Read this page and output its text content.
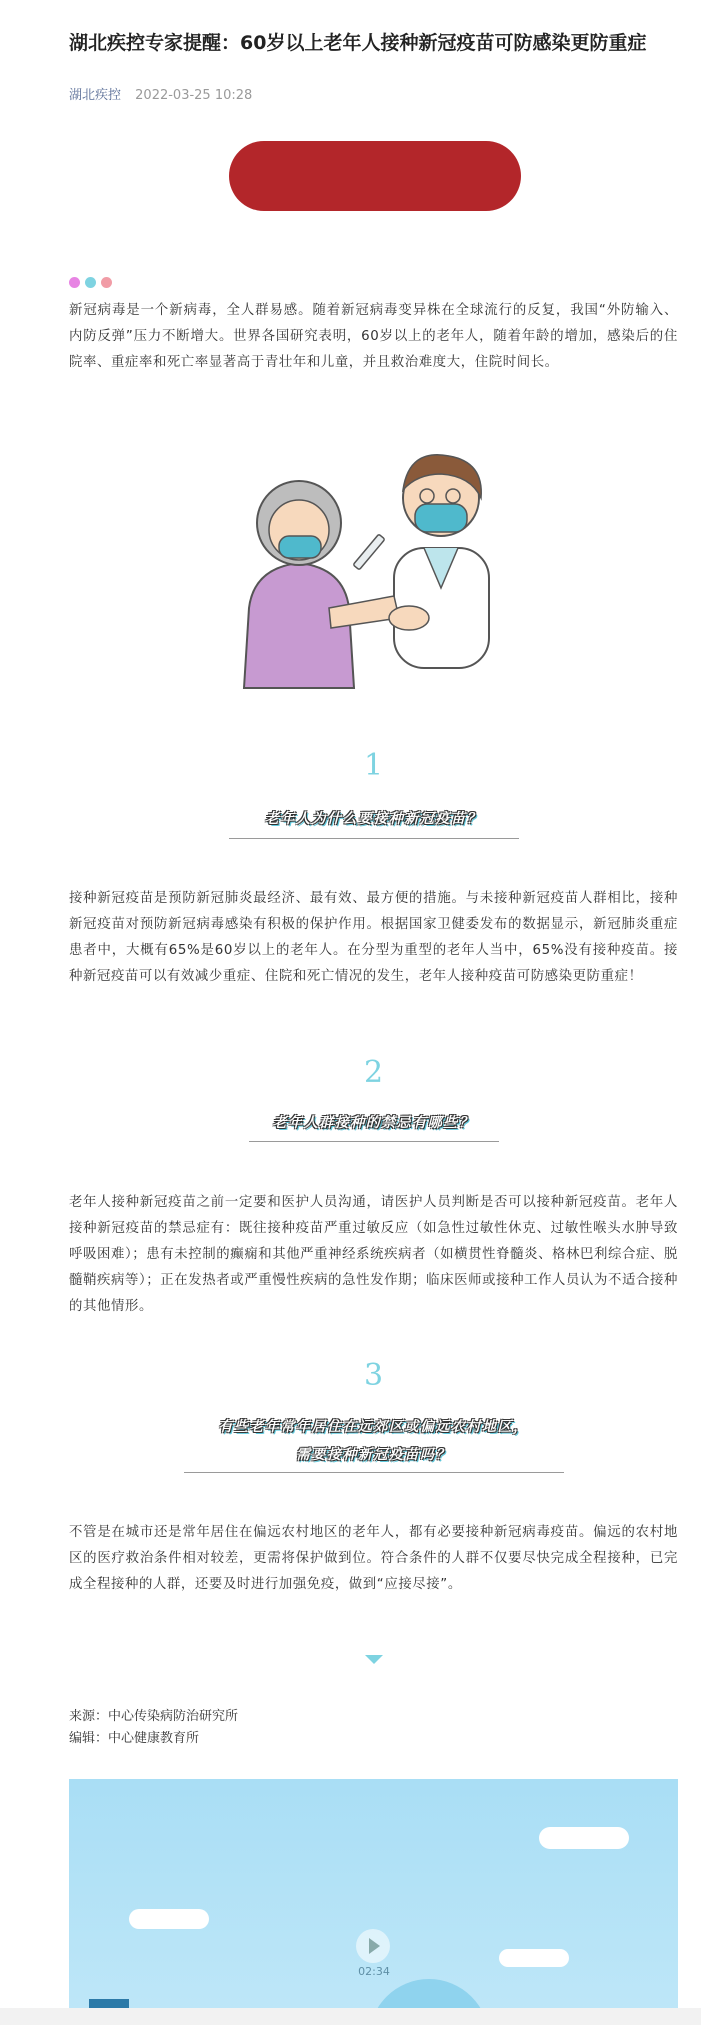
湖北疾控专家提醒：60岁以上老年人接种新冠疫苗可防感染更防重症
湖北疾控 2022-03-25 10:28

新冠病毒是一个新病毒，全人群易感。随着新冠病毒变异株在全球流行的反复，我国“外防输入、内防反弹”压力不断增大。世界各国研究表明，60岁以上的老年人，随着年龄的增加，感染后的住院率、重症率和死亡率显著高于青壮年和儿童，并且救治难度大，住院时间长。

1
老年人为什么要接种新冠疫苗？

接种新冠疫苗是预防新冠肺炎最经济、最有效、最方便的措施。与未接种新冠疫苗人群相比，接种新冠疫苗对预防新冠病毒感染有积极的保护作用。根据国家卫健委发布的数据显示，新冠肺炎重症患者中，大概有65%是60岁以上的老年人。在分型为重型的老年人当中，65%没有接种疫苗。接种新冠疫苗可以有效减少重症、住院和死亡情况的发生，老年人接种疫苗可防感染更防重症！

2
老年人群接种的禁忌有哪些？

老年人接种新冠疫苗之前一定要和医护人员沟通，请医护人员判断是否可以接种新冠疫苗。老年人接种新冠疫苗的禁忌症有：既往接种疫苗严重过敏反应（如急性过敏性休克、过敏性喉头水肿导致呼吸困难）；患有未控制的癫痫和其他严重神经系统疾病者（如横贯性脊髓炎、格林巴利综合症、脱髓鞘疾病等）；正在发热者或严重慢性疾病的急性发作期；临床医师或接种工作人员认为不适合接种的其他情形。

3
有些老年常年居住在远郊区或偏远农村地区，
需要接种新冠疫苗吗？

不管是在城市还是常年居住在偏远农村地区的老年人，都有必要接种新冠病毒疫苗。偏远的农村地区的医疗救治条件相对较差，更需将保护做到位。符合条件的人群不仅要尽快完成全程接种，已完成全程接种的人群，还要及时进行加强免疫，做到“应接尽接”。

来源：中心传染病防治研究所
编辑：中心健康教育所
02:34
